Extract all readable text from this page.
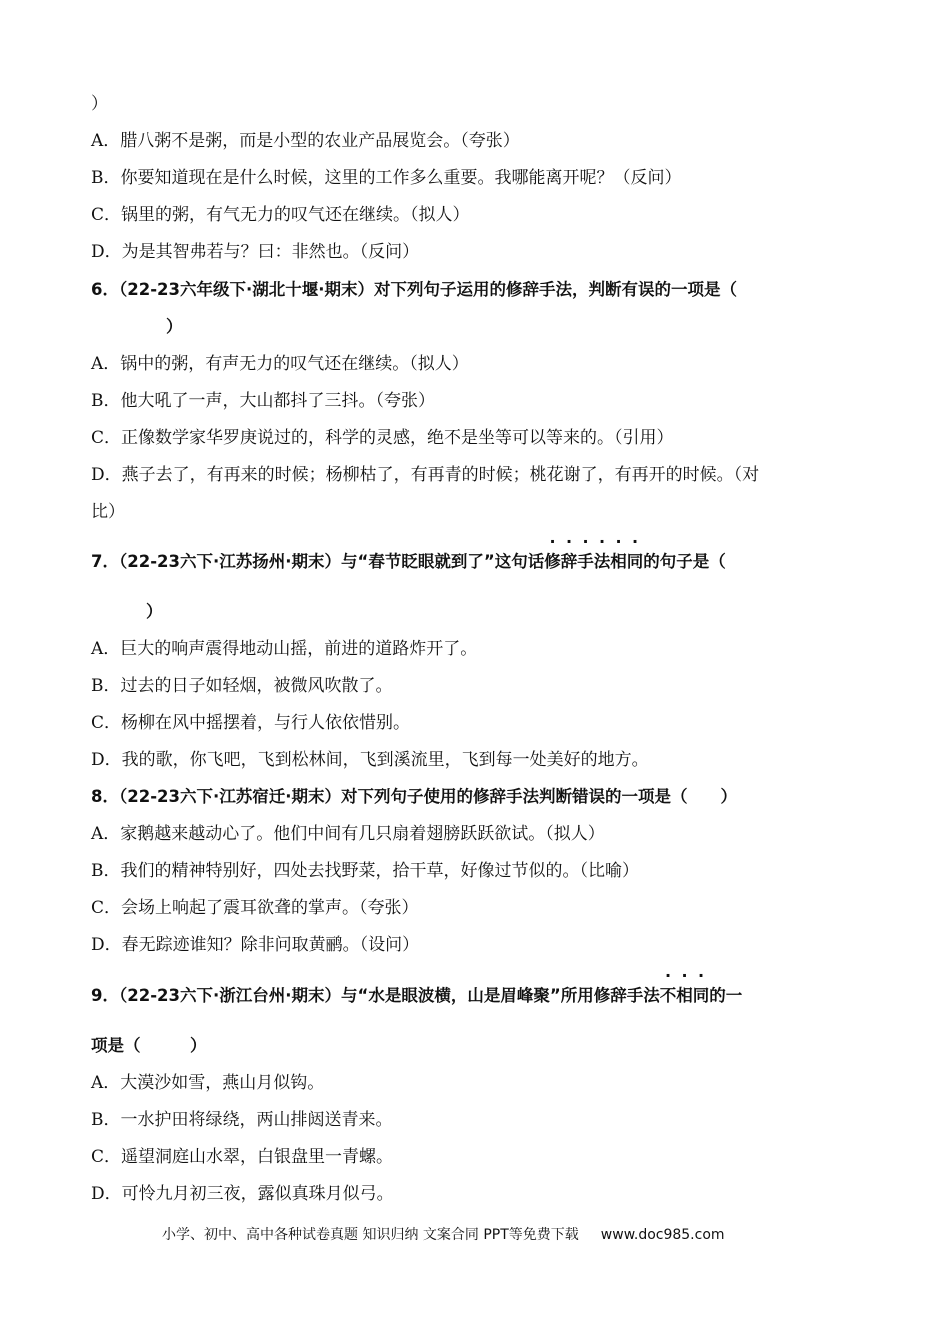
）
A．腊八粥不是粥，而是小型的农业产品展览会。（夸张）
B．你要知道现在是什么时候，这里的工作多么重要。我哪能离开呢？（反问）
C．锅里的粥，有气无力的叹气还在继续。（拟人）
D．为是其智弗若与？曰：非然也。（反问）
6．（22-23六年级下·湖北十堰·期末）对下列句子运用的修辞手法，判断有误的一项是（
）
A．锅中的粥，有声无力的叹气还在继续。（拟人）
B．他大吼了一声，大山都抖了三抖。（夸张）
C．正像数学家华罗庚说过的，科学的灵感，绝不是坐等可以等来的。（引用）
D．燕子去了，有再来的时候；杨柳枯了，有再青的时候；桃花谢了，有再开的时候。（对
比）
7．（22-23六下·江苏扬州·期末）与“春节眨眼就到了”这句话修辞手法相同的句子是（
）
A．巨大的响声震得地动山摇，前进的道路炸开了。
B．过去的日子如轻烟，被微风吹散了。
C．杨柳在风中摇摆着，与行人依依惜别。
D．我的歌，你飞吧，飞到松林间，飞到溪流里，飞到每一处美好的地方。
8．（22-23六下·江苏宿迁·期末）对下列句子使用的修辞手法判断错误的一项是（　　）
A．家鹅越来越动心了。他们中间有几只扇着翅膀跃跃欲试。（拟人）
B．我们的精神特别好，四处去找野菜，拾干草，好像过节似的。（比喻）
C．会场上响起了震耳欲聋的掌声。（夸张）
D．春无踪迹谁知？除非问取黄鹂。（设问）
9．（22-23六下·浙江台州·期末）与“水是眼波横，山是眉峰聚”所用修辞手法不相同的一
项是（　　　）
A．大漠沙如雪，燕山月似钩。
B．一水护田将绿绕，两山排闼送青来。
C．遥望洞庭山水翠，白银盘里一青螺。
D．可怜九月初三夜，露似真珠月似弓。
小学、初中、高中各种试卷真题 知识归纳 文案合同 PPT等免费下载 www.doc985.com
